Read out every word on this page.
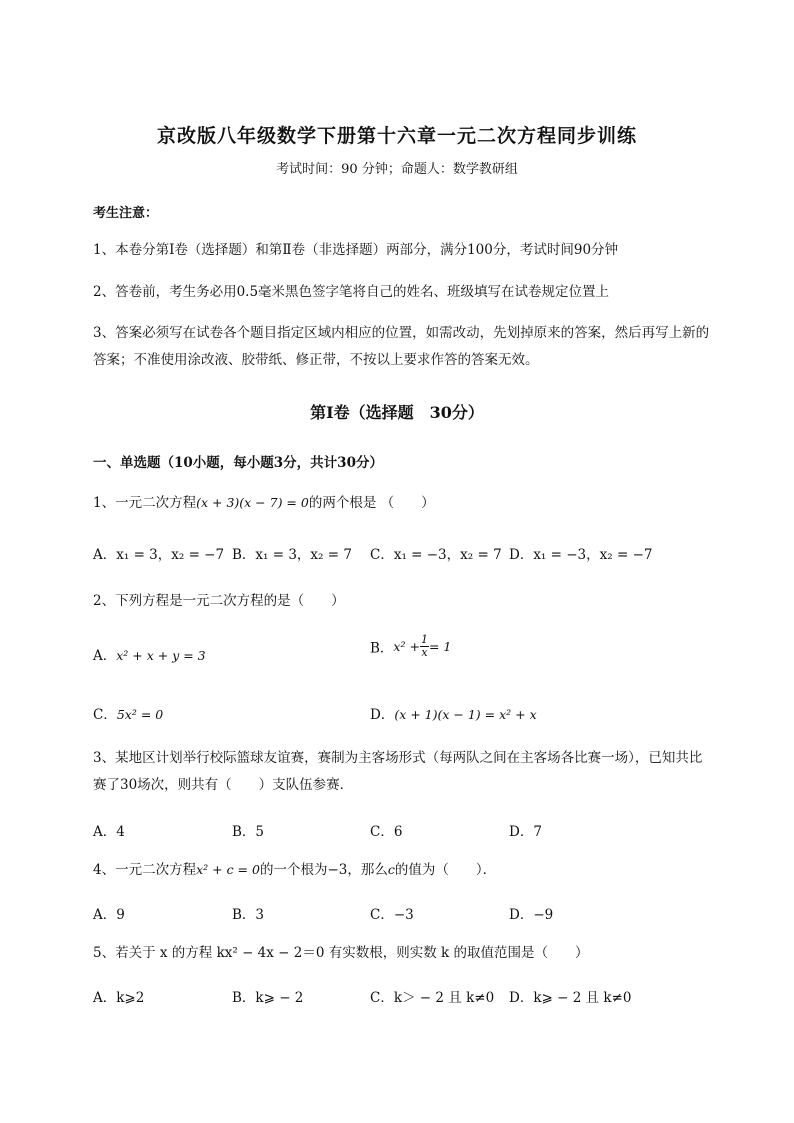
京改版八年级数学下册第十六章一元二次方程同步训练
考试时间：90 分钟；命题人：数学教研组
考生注意：
1、本卷分第Ⅰ卷（选择题）和第Ⅱ卷（非选择题）两部分，满分100分，考试时间90分钟
2、答卷前，考生务必用0.5毫米黑色签字笔将自己的姓名、班级填写在试卷规定位置上
3、答案必须写在试卷各个题目指定区域内相应的位置，如需改动，先划掉原来的答案，然后再写上新的答案；不准使用涂改液、胶带纸、修正带，不按以上要求作答的答案无效。
第Ⅰ卷（选择题　30分）
一、单选题（10小题，每小题3分，共计30分）
1、一元二次方程(x + 3)(x − 7) = 0的两个根是 （　　）
A．x₁ = 3，x₂ = −7 B．x₁ = 3，x₂ = 7 C．x₁ = −3，x₂ = 7 D．x₁ = −3，x₂ = −7
2、下列方程是一元二次方程的是（　　）
A．x² + x + y = 3	B．$x^2 + \frac{1}{x} = 1$
C．5x² = 0	D．(x + 1)(x − 1) = x² + x
3、某地区计划举行校际篮球友谊赛，赛制为主客场形式（每两队之间在主客场各比赛一场），已知共比赛了30场次，则共有（　　）支队伍参赛．
A．4	B．5	C．6	D．7
4、一元二次方程x² + c = 0的一个根为−3，那么c的值为（　　）．
A．9	B．3	C．−3	D．−9
5、若关于 x 的方程 kx² − 4x − 2＝0 有实数根，则实数 k 的取值范围是（　　）
A．k⩾2	B．k⩾ − 2	C．k＞ − 2 且 k≠0 D．k⩾ − 2 且 k≠0
